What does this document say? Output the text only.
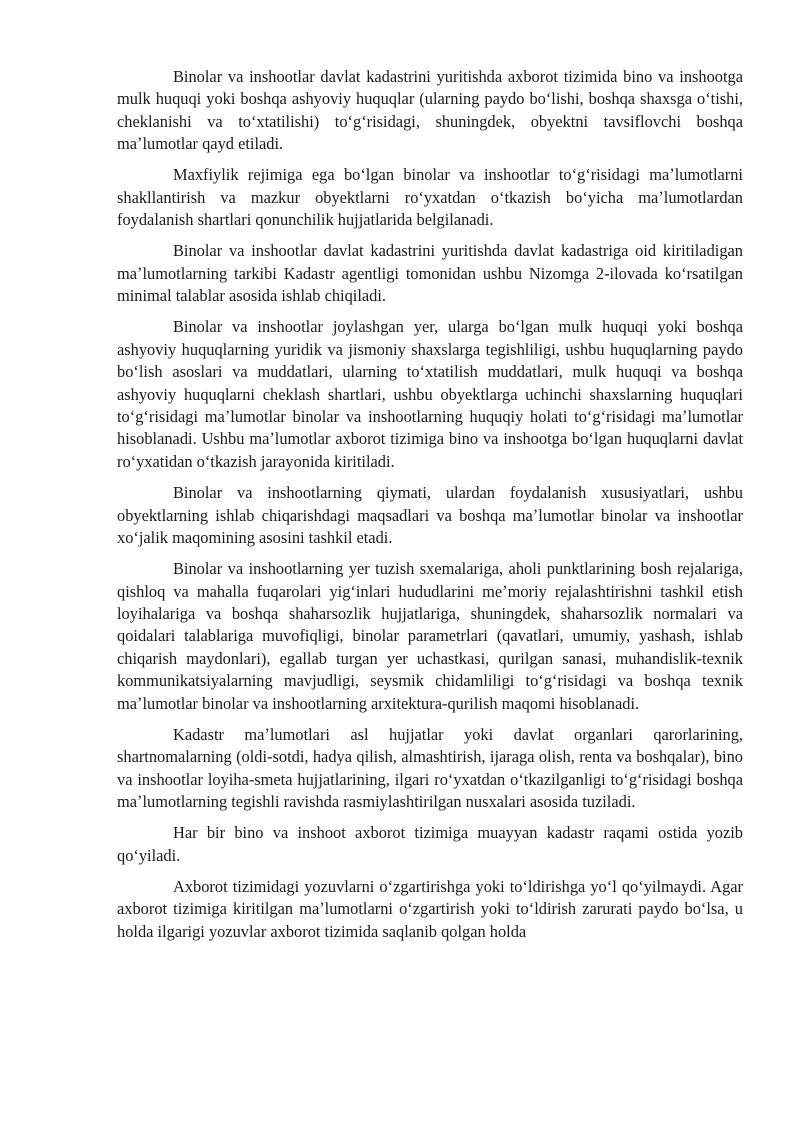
Binolar va inshootlar davlat kadastrini yuritishda axborot tizimida bino va inshootga mulk huquqi yoki boshqa ashyoviy huquqlar (ularning paydo boʻlishi, boshqa shaxsga oʻtishi, cheklanishi va toʻxtatilishi) toʻgʻrisidagi, shuningdek, obyektni tavsiflovchi boshqa maʼlumotlar qayd etiladi.

Maxfiylik rejimiga ega boʻlgan binolar va inshootlar toʻgʻrisidagi maʼlumotlarni shakllantirish va mazkur obyektlarni roʻyxatdan oʻtkazish boʻyicha maʼlumotlardan foydalanish shartlari qonunchilik hujjatlarida belgilanadi.

Binolar va inshootlar davlat kadastrini yuritishda davlat kadastriga oid kiritiladigan maʼlumotlarning tarkibi Kadastr agentligi tomonidan ushbu Nizomga 2-ilovada koʻrsatilgan minimal talablar asosida ishlab chiqiladi.

Binolar va inshootlar joylashgan yer, ularga boʻlgan mulk huquqi yoki boshqa ashyoviy huquqlarning yuridik va jismoniy shaxslarga tegishliligi, ushbu huquqlarning paydo boʻlish asoslari va muddatlari, ularning toʻxtatilish muddatlari, mulk huquqi va boshqa ashyoviy huquqlarni cheklash shartlari, ushbu obyektlarga uchinchi shaxslarning huquqlari toʻgʻrisidagi maʼlumotlar binolar va inshootlarning huquqiy holati toʻgʻrisidagi maʼlumotlar hisoblanadi. Ushbu maʼlumotlar axborot tizimiga bino va inshootga boʻlgan huquqlarni davlat roʻyxatidan oʻtkazish jarayonida kiritiladi.

Binolar va inshootlarning qiymati, ulardan foydalanish xususiyatlari, ushbu obyektlarning ishlab chiqarishdagi maqsadlari va boshqa maʼlumotlar binolar va inshootlar xoʻjalik maqomining asosini tashkil etadi.

Binolar va inshootlarning yer tuzish sxemalariga, aholi punktlarining bosh rejalariga, qishloq va mahalla fuqarolari yigʻinlari hududlarini meʼmoriy rejalashtirishni tashkil etish loyihalariga va boshqa shaharsozlik hujjatlariga, shuningdek, shaharsozlik normalari va qoidalari talablariga muvofiqligi, binolar parametrlari (qavatlari, umumiy, yashash, ishlab chiqarish maydonlari), egallab turgan yer uchastkasi, qurilgan sanasi, muhandislik-texnik kommunikatsiyalarning mavjudligi, seysmik chidamliligi toʻgʻrisidagi va boshqa texnik maʼlumotlar binolar va inshootlarning arxitektura-qurilish maqomi hisoblanadi.

Kadastr maʼlumotlari asl hujjatlar yoki davlat organlari qarorlarining, shartnomalarning (oldi-sotdi, hadya qilish, almashtirish, ijaraga olish, renta va boshqalar), bino va inshootlar loyiha-smeta hujjatlarining, ilgari roʻyxatdan oʻtkazilganligi toʻgʻrisidagi boshqa maʼlumotlarning tegishli ravishda rasmiylashtirilgan nusxalari asosida tuziladi.

Har bir bino va inshoot axborot tizimiga muayyan kadastr raqami ostida yozib qoʻyiladi.

Axborot tizimidagi yozuvlarni oʻzgartirishga yoki toʻldirishga yoʻl qoʻyilmaydi. Agar axborot tizimiga kiritilgan maʼlumotlarni oʻzgartirish yoki toʻldirish zarurati paydo boʻlsa, u holda ilgarigi yozuvlar axborot tizimida saqlanib qolgan holda
